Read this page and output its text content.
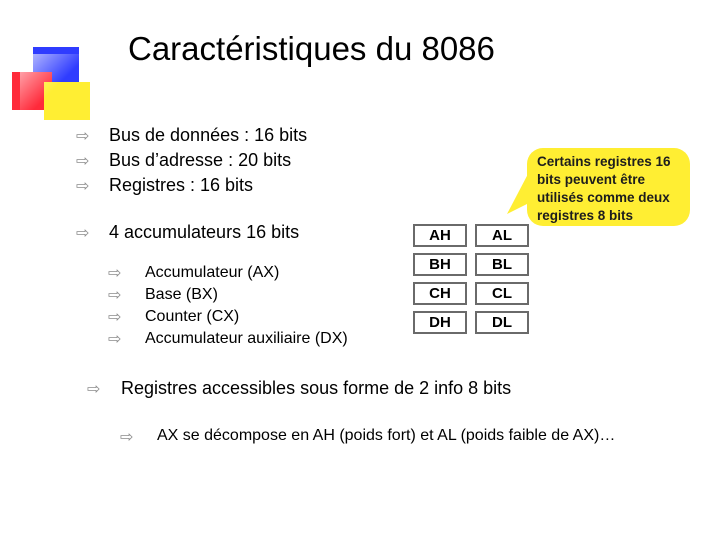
Caractéristiques du 8086
⇨	Bus de données : 16 bits
⇨	Bus d’adresse : 20 bits
⇨	Registres : 16 bits
⇨	4 accumulateurs 16 bits
⇨	Accumulateur (AX)
⇨	Base (BX)
⇨	Counter (CX)
⇨	Accumulateur auxiliaire (DX)
AH	AL
BH	BL
CH	CL
DH	DL
Certains registres 16 bits peuvent être utilisés comme deux registres 8 bits
⇨	Registres accessibles sous forme de 2 info 8 bits
⇨	AX se décompose en AH (poids fort) et AL (poids faible de AX)…
